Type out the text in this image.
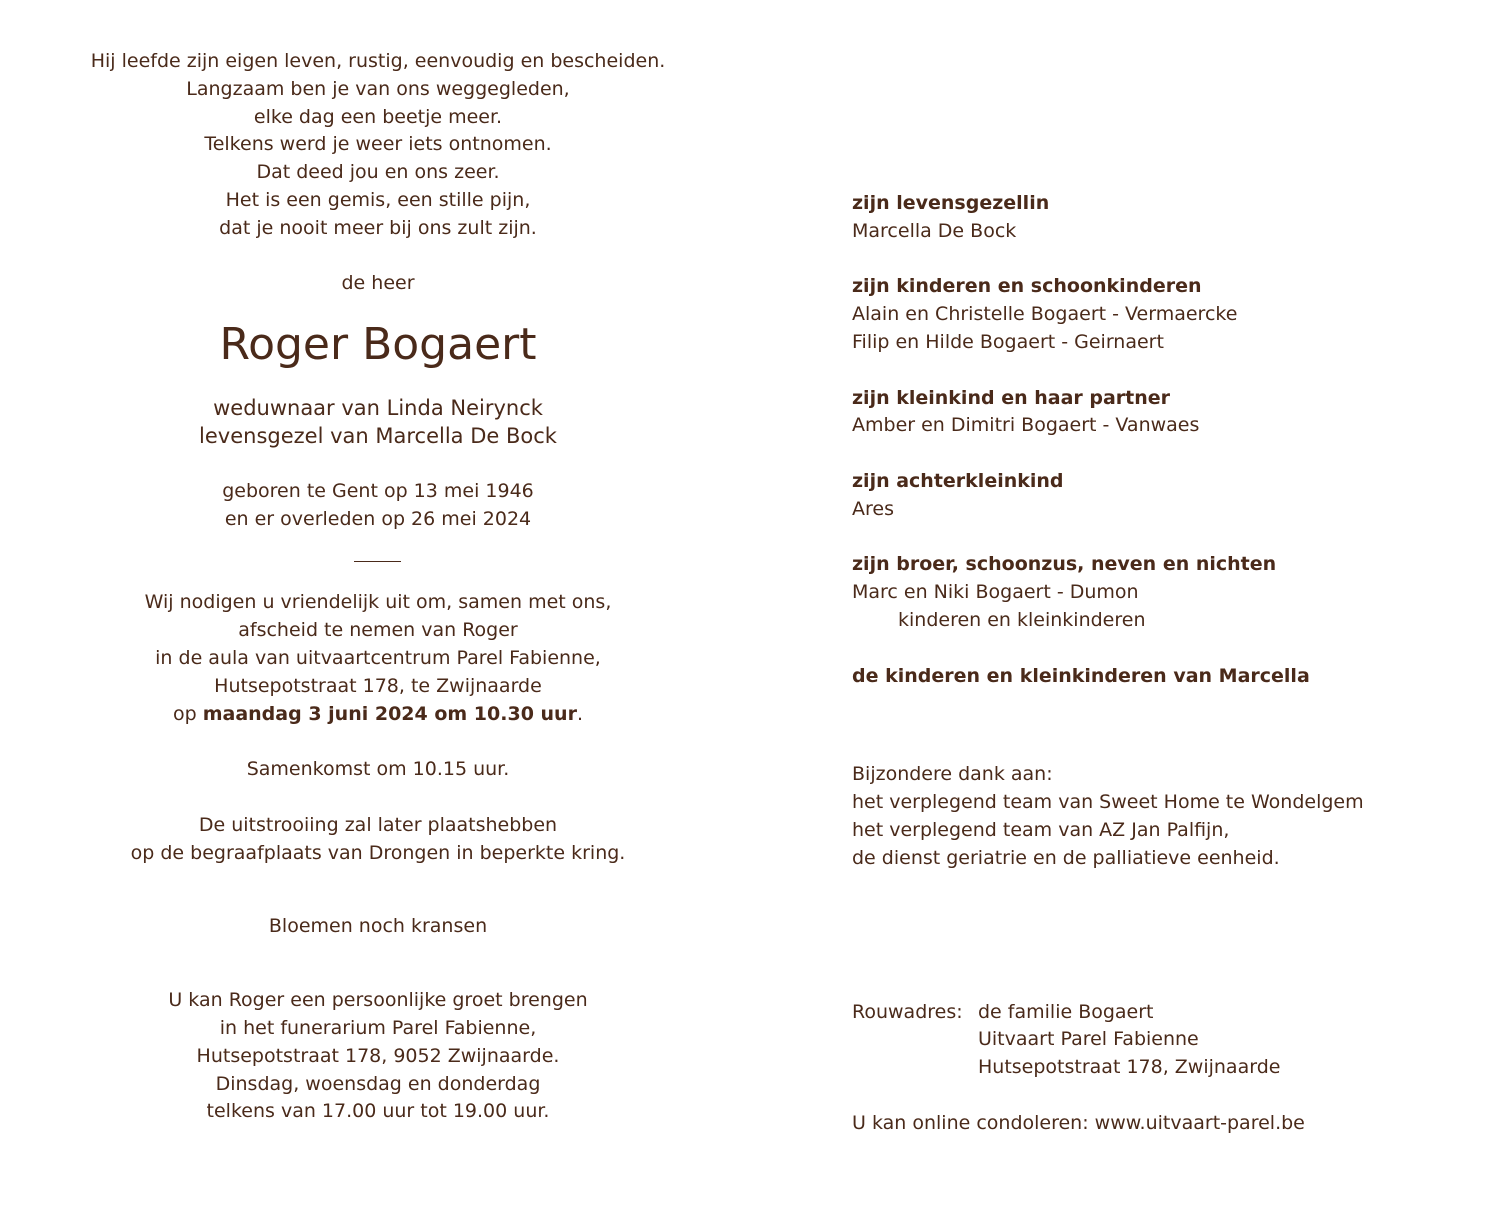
Hij leefde zijn eigen leven, rustig, eenvoudig en bescheiden.
Langzaam ben je van ons weggegleden,
elke dag een beetje meer.
Telkens werd je weer iets ontnomen.
Dat deed jou en ons zeer.
Het is een gemis, een stille pijn,
dat je nooit meer bij ons zult zijn.
de heer
Roger Bogaert
weduwnaar van Linda Neirynck
levensgezel van Marcella De Bock
geboren te Gent op 13 mei 1946
en er overleden op 26 mei 2024
Wij nodigen u vriendelijk uit om, samen met ons,
afscheid te nemen van Roger
in de aula van uitvaartcentrum Parel Fabienne,
Hutsepotstraat 178, te Zwijnaarde
op maandag 3 juni 2024 om 10.30 uur.
Samenkomst om 10.15 uur.
De uitstrooiing zal later plaatshebben
op de begraafplaats van Drongen in beperkte kring.
Bloemen noch kransen
U kan Roger een persoonlijke groet brengen
in het funerarium Parel Fabienne,
Hutsepotstraat 178, 9052 Zwijnaarde.
Dinsdag, woensdag en donderdag
telkens van 17.00 uur tot 19.00 uur.
zijn levensgezellin
Marcella De Bock
zijn kinderen en schoonkinderen
Alain en Christelle Bogaert - Vermaercke
Filip en Hilde Bogaert - Geirnaert
zijn kleinkind en haar partner
Amber en Dimitri Bogaert - Vanwaes
zijn achterkleinkind
Ares
zijn broer, schoonzus, neven en nichten
Marc en Niki Bogaert - Dumon
kinderen en kleinkinderen
de kinderen en kleinkinderen van Marcella
Bijzondere dank aan:
het verplegend team van Sweet Home te Wondelgem
het verplegend team van AZ Jan Palfijn,
de dienst geriatrie en de palliatieve eenheid.
Rouwadres: de familie Bogaert
Uitvaart Parel Fabienne
Hutsepotstraat 178, Zwijnaarde
U kan online condoleren: www.uitvaart-parel.be
